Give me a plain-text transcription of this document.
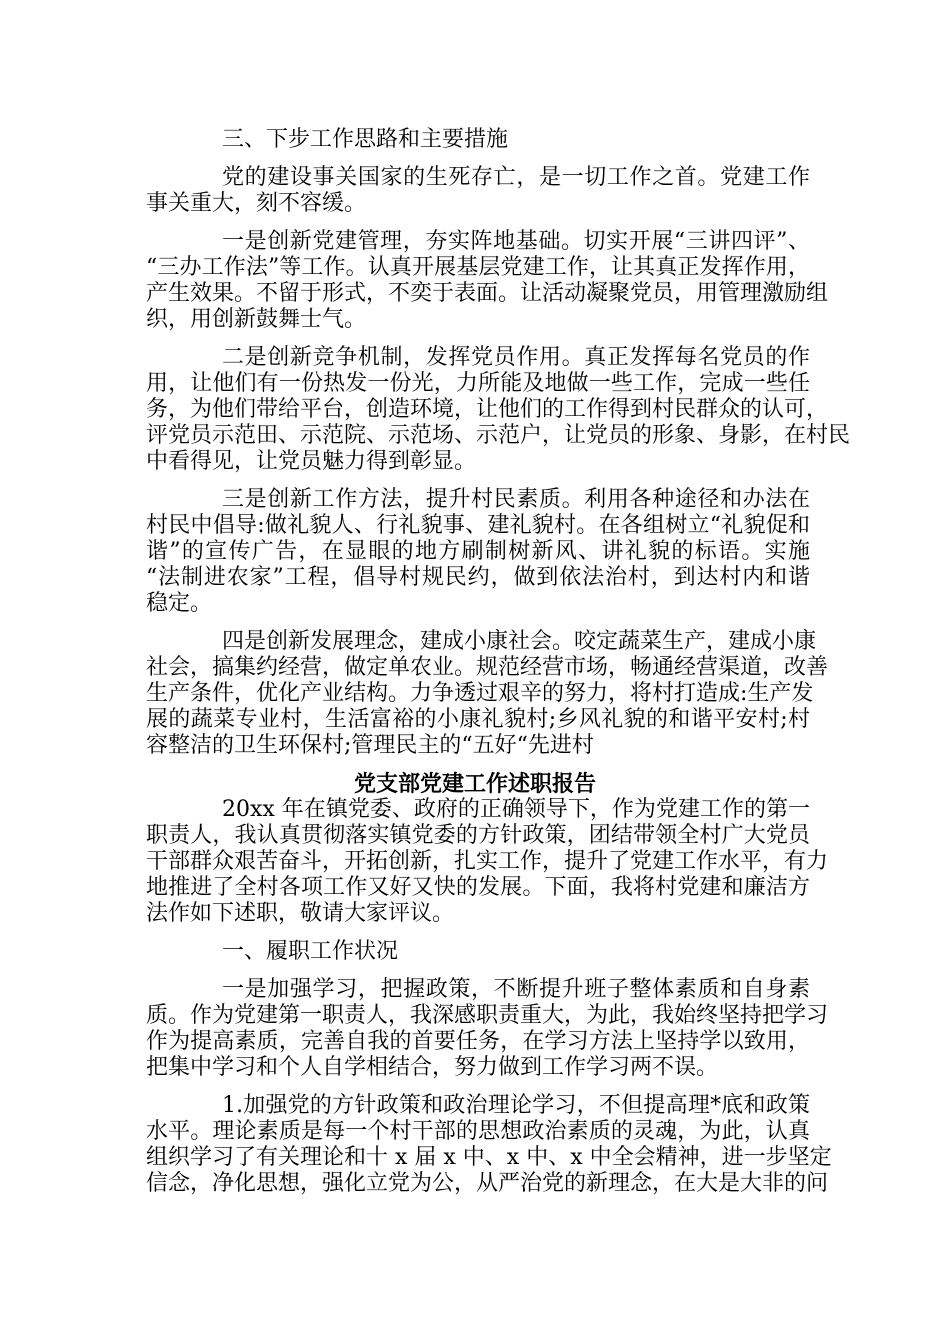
三、下步工作思路和主要措施
党的建设事关国家的生死存亡，是一切工作之首。党建工作
事关重大，刻不容缓。
一是创新党建管理，夯实阵地基础。切实开展“三讲四评”、
“三办工作法”等工作。认真开展基层党建工作，让其真正发挥作用，
产生效果。不留于形式，不奕于表面。让活动凝聚党员，用管理激励组
织，用创新鼓舞士气。
二是创新竞争机制，发挥党员作用。真正发挥每名党员的作
用，让他们有一份热发一份光，力所能及地做一些工作，完成一些任
务，为他们带给平台，创造环境，让他们的工作得到村民群众的认可，
评党员示范田、示范院、示范场、示范户，让党员的形象、身影，在村民
中看得见，让党员魅力得到彰显。
三是创新工作方法，提升村民素质。利用各种途径和办法在
村民中倡导:做礼貌人、行礼貌事、建礼貌村。在各组树立“礼貌促和
谐”的宣传广告，在显眼的地方刷制树新风、讲礼貌的标语。实施
“法制进农家”工程，倡导村规民约，做到依法治村，到达村内和谐
稳定。
四是创新发展理念，建成小康社会。咬定蔬菜生产，建成小康
社会，搞集约经营，做定单农业。规范经营市场，畅通经营渠道，改善
生产条件，优化产业结构。力争透过艰辛的努力，将村打造成:生产发
展的蔬菜专业村，生活富裕的小康礼貌村;乡风礼貌的和谐平安村;村
容整洁的卫生环保村;管理民主的“五好“先进村
党支部党建工作述职报告
20xx 年在镇党委、政府的正确领导下，作为党建工作的第一
职责人，我认真贯彻落实镇党委的方针政策，团结带领全村广大党员
干部群众艰苦奋斗，开拓创新，扎实工作，提升了党建工作水平，有力
地推进了全村各项工作又好又快的发展。下面，我将村党建和廉洁方
法作如下述职，敬请大家评议。
一、履职工作状况
一是加强学习，把握政策，不断提升班子整体素质和自身素
质。作为党建第一职责人，我深感职责重大，为此，我始终坚持把学习
作为提高素质，完善自我的首要任务，在学习方法上坚持学以致用，
把集中学习和个人自学相结合，努力做到工作学习两不误。
1.加强党的方针政策和政治理论学习，不但提高理*底和政策
水平。理论素质是每一个村干部的思想政治素质的灵魂，为此，认真
组织学习了有关理论和十 x 届 x 中、x 中、x 中全会精神，进一步坚定
信念，净化思想，强化立党为公，从严治党的新理念，在大是大非的问
